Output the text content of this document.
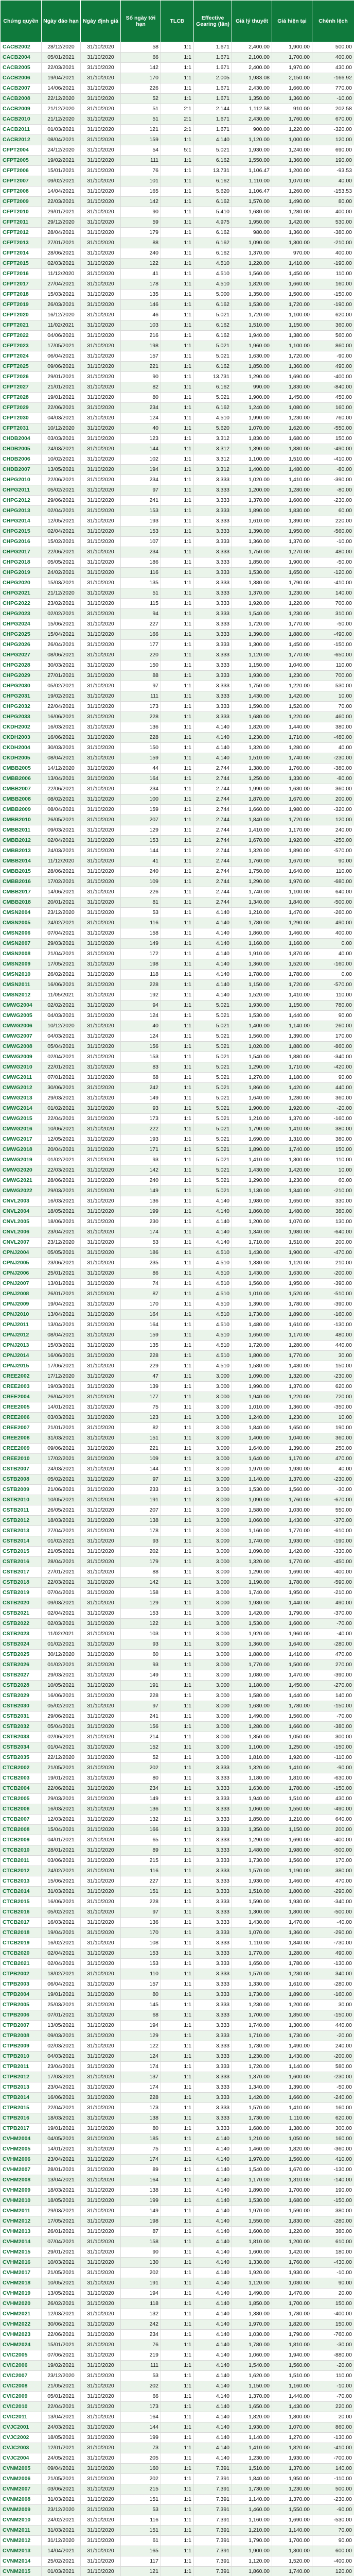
Chứng quyền	Ngày đáo hạn	Ngày định giá	Số ngày tới hạn	TLCĐ	Effective Gearing (lần)	Giá lý thuyết	Giá hiện tại	Chênh lệch
CACB2002	28/12/2020	31/10/2020	58	1:1	1.671	2,400.00	1,900.00	500.00
CACB2004	05/01/2021	31/10/2020	66	1:1	1.671	2,100.00	1,700.00	400.00
CACB2005	22/03/2021	31/10/2020	142	1:1	1.671	2,400.00	1,970.00	430.00
CACB2006	19/04/2021	31/10/2020	170	1:1	2.005	1,983.08	2,150.00	-166.92
CACB2007	14/06/2021	31/10/2020	226	1:1	1.671	2,430.00	1,660.00	770.00
CACB2008	22/12/2020	31/10/2020	52	1:1	1.671	1,350.00	1,360.00	-10.00
CACB2009	21/12/2020	31/10/2020	51	2:1	2.144	1,112.58	910.00	202.58
CACB2010	21/12/2020	31/10/2020	51	2:1	1.671	2,430.00	1,760.00	670.00
CACB2011	01/03/2021	31/10/2020	121	2:1	1.671	900.00	1,220.00	-320.00
CACB2012	08/04/2021	31/10/2020	159	1:1	4.140	1,120.00	1,000.00	120.00
CFPT2004	24/12/2020	31/10/2020	54	5:1	5.021	1,930.00	1,240.00	690.00
CFPT2005	19/02/2021	31/10/2020	111	1:1	6.162	1,550.00	1,360.00	190.00
CFPT2006	15/01/2021	31/10/2020	76	1:1	13.731	1,106.47	1,200.00	-93.53
CFPT2007	09/02/2021	31/10/2020	101	1:1	6.162	1,110.00	1,070.00	40.00
CFPT2008	14/04/2021	31/10/2020	165	1:1	5.620	1,106.47	1,260.00	-153.53
CFPT2009	22/03/2021	31/10/2020	142	1:1	6.162	1,570.00	1,490.00	80.00
CFPT2010	29/01/2021	31/10/2020	90	1:1	5.410	1,680.00	1,280.00	400.00
CFPT2011	29/12/2020	31/10/2020	59	1:1	4.975	1,950.00	1,420.00	530.00
CFPT2012	28/04/2021	31/10/2020	179	1:1	6.162	980.00	1,360.00	-380.00
CFPT2013	27/01/2021	31/10/2020	88	1:1	6.162	1,090.00	1,300.00	-210.00
CFPT2014	28/06/2021	31/10/2020	240	1:1	6.162	1,370.00	970.00	400.00
CFPT2015	02/03/2021	31/10/2020	122	1:1	4.510	1,220.00	1,410.00	-190.00
CFPT2016	11/12/2020	31/10/2020	41	1:1	4.510	1,560.00	1,450.00	110.00
CFPT2017	27/04/2021	31/10/2020	178	1:1	4.510	1,820.00	1,660.00	160.00
CFPT2018	15/03/2021	31/10/2020	135	1:1	5.000	1,350.00	1,500.00	-150.00
CFPT2019	26/03/2021	31/10/2020	146	1:1	6.162	1,530.00	1,720.00	-190.00
CFPT2020	16/12/2020	31/10/2020	46	1:1	5.021	1,720.00	1,100.00	620.00
CFPT2021	11/02/2021	31/10/2020	103	1:1	6.162	1,510.00	1,150.00	360.00
CFPT2022	04/06/2021	31/10/2020	216	1:1	6.162	1,940.00	1,380.00	560.00
CFPT2023	17/05/2021	31/10/2020	198	1:1	5.021	1,960.00	1,100.00	860.00
CFPT2024	06/04/2021	31/10/2020	157	1:1	5.021	1,630.00	1,720.00	-90.00
CFPT2025	09/06/2021	31/10/2020	221	1:1	6.162	1,850.00	1,360.00	490.00
CFPT2026	29/01/2021	31/10/2020	90	1:1	13.731	1,290.00	1,690.00	-400.00
CFPT2027	21/01/2021	31/10/2020	82	1:1	6.162	990.00	1,830.00	-840.00
CFPT2028	19/01/2021	31/10/2020	80	1:1	5.021	1,900.00	1,450.00	450.00
CFPT2029	22/06/2021	31/10/2020	234	1:1	6.162	1,240.00	1,080.00	160.00
CFPT2030	04/03/2021	31/10/2020	124	1:1	4.510	1,990.00	1,230.00	760.00
CFPT2031	10/12/2020	31/10/2020	40	1:1	5.620	1,070.00	1,620.00	-550.00
CHDB2004	03/03/2021	31/10/2020	123	1:1	3.312	1,830.00	1,680.00	150.00
CHDB2005	24/03/2021	31/10/2020	144	1:1	3.312	1,390.00	1,880.00	-490.00
CHDB2006	10/02/2021	31/10/2020	102	1:1	3.312	1,100.00	1,510.00	-410.00
CHDB2007	13/05/2021	31/10/2020	194	1:1	3.312	1,400.00	1,480.00	-80.00
CHPG2010	22/06/2021	31/10/2020	234	1:1	3.333	1,020.00	1,410.00	-390.00
CHPG2011	05/02/2021	31/10/2020	97	1:1	3.333	1,200.00	1,280.00	-80.00
CHPG2012	29/06/2021	31/10/2020	241	1:1	3.333	1,370.00	1,600.00	-230.00
CHPG2013	02/04/2021	31/10/2020	153	1:1	3.333	1,890.00	1,830.00	60.00
CHPG2014	12/05/2021	31/10/2020	193	1:1	3.333	1,610.00	1,390.00	220.00
CHPG2015	02/04/2021	31/10/2020	153	1:1	3.333	1,390.00	1,950.00	-560.00
CHPG2016	15/02/2021	31/10/2020	107	1:1	3.333	1,360.00	1,370.00	-10.00
CHPG2017	22/06/2021	31/10/2020	234	1:1	3.333	1,750.00	1,270.00	480.00
CHPG2018	05/05/2021	31/10/2020	186	1:1	3.333	1,850.00	1,900.00	-50.00
CHPG2019	24/02/2021	31/10/2020	116	1:1	3.333	1,530.00	1,650.00	-120.00
CHPG2020	15/03/2021	31/10/2020	135	1:1	3.333	1,380.00	1,790.00	-410.00
CHPG2021	21/12/2020	31/10/2020	51	1:1	3.333	1,370.00	1,230.00	140.00
CHPG2022	23/02/2021	31/10/2020	115	1:1	3.333	1,920.00	1,220.00	700.00
CHPG2023	02/02/2021	31/10/2020	94	1:1	3.333	1,540.00	1,230.00	310.00
CHPG2024	15/06/2021	31/10/2020	227	1:1	3.333	1,720.00	1,770.00	-50.00
CHPG2025	15/04/2021	31/10/2020	166	1:1	3.333	1,390.00	1,880.00	-490.00
CHPG2026	26/04/2021	31/10/2020	177	1:1	3.333	1,300.00	1,450.00	-150.00
CHPG2027	08/06/2021	31/10/2020	220	1:1	3.333	1,120.00	1,770.00	-650.00
CHPG2028	30/03/2021	31/10/2020	150	1:1	3.333	1,150.00	1,040.00	110.00
CHPG2029	27/01/2021	31/10/2020	88	1:1	3.333	1,930.00	1,230.00	700.00
CHPG2030	05/02/2021	31/10/2020	97	1:1	3.333	1,750.00	1,220.00	530.00
CHPG2031	19/02/2021	31/10/2020	111	1:1	3.333	1,430.00	1,420.00	10.00
CHPG2032	22/04/2021	31/10/2020	173	1:1	3.333	1,590.00	1,520.00	70.00
CHPG2033	16/06/2021	31/10/2020	228	1:1	3.333	1,680.00	1,220.00	460.00
CKDH2002	16/03/2021	31/10/2020	136	1:1	4.140	1,820.00	1,440.00	380.00
CKDH2003	16/06/2021	31/10/2020	228	1:1	4.140	1,230.00	1,710.00	-480.00
CKDH2004	30/03/2021	31/10/2020	150	1:1	4.140	1,320.00	1,280.00	40.00
CKDH2005	08/04/2021	31/10/2020	159	1:1	4.140	1,510.00	1,740.00	-230.00
CMBB2005	14/12/2020	31/10/2020	44	1:1	2.744	1,380.00	1,760.00	-380.00
CMBB2006	13/04/2021	31/10/2020	164	1:1	2.744	1,250.00	1,330.00	-80.00
CMBB2007	22/06/2021	31/10/2020	234	1:1	2.744	1,990.00	1,630.00	360.00
CMBB2008	08/02/2021	31/10/2020	100	1:1	2.744	1,870.00	1,670.00	200.00
CMBB2009	08/04/2021	31/10/2020	159	1:1	2.744	1,660.00	1,980.00	-320.00
CMBB2010	26/05/2021	31/10/2020	207	1:1	2.744	1,840.00	1,720.00	120.00
CMBB2011	09/03/2021	31/10/2020	129	1:1	2.744	1,410.00	1,170.00	240.00
CMBB2012	02/04/2021	31/10/2020	153	1:1	2.744	1,670.00	1,920.00	-250.00
CMBB2013	24/03/2021	31/10/2020	144	1:1	2.744	1,320.00	1,890.00	-570.00
CMBB2014	11/12/2020	31/10/2020	41	1:1	2.744	1,760.00	1,670.00	90.00
CMBB2015	28/06/2021	31/10/2020	240	1:1	2.744	1,750.00	1,640.00	110.00
CMBB2016	17/02/2021	31/10/2020	109	1:1	2.744	1,290.00	1,970.00	-680.00
CMBB2017	14/06/2021	31/10/2020	226	1:1	2.744	1,740.00	1,100.00	640.00
CMBB2018	20/01/2021	31/10/2020	81	1:1	2.744	1,340.00	1,840.00	-500.00
CMSN2004	23/12/2020	31/10/2020	53	1:1	4.140	1,210.00	1,470.00	-260.00
CMSN2005	24/02/2021	31/10/2020	116	1:1	4.140	1,780.00	1,290.00	490.00
CMSN2006	07/04/2021	31/10/2020	158	1:1	4.140	1,860.00	1,460.00	400.00
CMSN2007	29/03/2021	31/10/2020	149	1:1	4.140	1,160.00	1,160.00	0.00
CMSN2008	21/04/2021	31/10/2020	172	1:1	4.140	1,910.00	1,870.00	40.00
CMSN2009	17/05/2021	31/10/2020	198	1:1	4.140	1,360.00	1,520.00	-160.00
CMSN2010	26/02/2021	31/10/2020	118	1:1	4.140	1,780.00	1,780.00	0.00
CMSN2011	16/06/2021	31/10/2020	228	1:1	4.140	1,150.00	1,720.00	-570.00
CMSN2012	11/05/2021	31/10/2020	192	1:1	4.140	1,520.00	1,410.00	110.00
CMWG2004	02/02/2021	31/10/2020	94	1:1	5.021	1,930.00	1,150.00	780.00
CMWG2005	04/03/2021	31/10/2020	124	1:1	5.021	1,530.00	1,440.00	90.00
CMWG2006	10/12/2020	31/10/2020	40	1:1	5.021	1,400.00	1,140.00	260.00
CMWG2007	04/03/2021	31/10/2020	124	1:1	5.021	1,560.00	1,390.00	170.00
CMWG2008	05/04/2021	31/10/2020	156	1:1	5.021	1,020.00	1,880.00	-860.00
CMWG2009	02/04/2021	31/10/2020	153	1:1	5.021	1,540.00	1,880.00	-340.00
CMWG2010	22/01/2021	31/10/2020	83	1:1	5.021	1,290.00	1,710.00	-420.00
CMWG2011	07/01/2021	31/10/2020	68	1:1	5.021	1,270.00	1,180.00	90.00
CMWG2012	30/06/2021	31/10/2020	242	1:1	5.021	1,860.00	1,420.00	440.00
CMWG2013	29/03/2021	31/10/2020	149	1:1	5.021	1,640.00	1,280.00	360.00
CMWG2014	01/02/2021	31/10/2020	93	1:1	5.021	1,900.00	1,920.00	-20.00
CMWG2015	22/04/2021	31/10/2020	173	1:1	5.021	1,210.00	1,370.00	-160.00
CMWG2016	10/06/2021	31/10/2020	222	1:1	5.021	1,790.00	1,410.00	380.00
CMWG2017	12/05/2021	31/10/2020	193	1:1	5.021	1,690.00	1,310.00	380.00
CMWG2018	20/04/2021	31/10/2020	171	1:1	5.021	1,890.00	1,740.00	150.00
CMWG2019	01/02/2021	31/10/2020	93	1:1	5.021	1,410.00	1,300.00	110.00
CMWG2020	22/03/2021	31/10/2020	142	1:1	5.021	1,430.00	1,420.00	10.00
CMWG2021	28/06/2021	31/10/2020	240	1:1	5.021	1,290.00	1,230.00	60.00
CMWG2022	29/03/2021	31/10/2020	149	1:1	5.021	1,130.00	1,340.00	-210.00
CNVL2003	16/03/2021	31/10/2020	136	1:1	4.140	1,980.00	1,650.00	330.00
CNVL2004	18/05/2021	31/10/2020	199	1:1	4.140	1,860.00	1,480.00	380.00
CNVL2005	18/06/2021	31/10/2020	230	1:1	4.140	1,200.00	1,070.00	130.00
CNVL2006	23/04/2021	31/10/2020	174	1:1	4.140	1,340.00	1,980.00	-640.00
CNVL2007	23/12/2020	31/10/2020	53	1:1	4.140	1,710.00	1,510.00	200.00
CPNJ2004	05/05/2021	31/10/2020	186	1:1	4.510	1,430.00	1,900.00	-470.00
CPNJ2005	23/06/2021	31/10/2020	235	1:1	4.510	1,330.00	1,120.00	210.00
CPNJ2006	25/01/2021	31/10/2020	86	1:1	4.510	1,430.00	1,630.00	-200.00
CPNJ2007	13/01/2021	31/10/2020	74	1:1	4.510	1,560.00	1,950.00	-390.00
CPNJ2008	26/01/2021	31/10/2020	87	1:1	4.510	1,010.00	1,520.00	-510.00
CPNJ2009	19/04/2021	31/10/2020	170	1:1	4.510	1,390.00	1,780.00	-390.00
CPNJ2010	13/04/2021	31/10/2020	164	1:1	4.510	1,730.00	1,890.00	-160.00
CPNJ2011	13/04/2021	31/10/2020	164	1:1	4.510	1,480.00	1,610.00	-130.00
CPNJ2012	08/04/2021	31/10/2020	159	1:1	4.510	1,650.00	1,170.00	480.00
CPNJ2013	15/03/2021	31/10/2020	135	1:1	4.510	1,720.00	1,280.00	440.00
CPNJ2014	16/06/2021	31/10/2020	228	1:1	4.510	1,800.00	1,770.00	30.00
CPNJ2015	17/06/2021	31/10/2020	229	1:1	4.510	1,580.00	1,430.00	150.00
CREE2002	17/12/2020	31/10/2020	47	1:1	3.000	1,090.00	1,320.00	-230.00
CREE2003	19/03/2021	31/10/2020	139	1:1	3.000	1,990.00	1,370.00	620.00
CREE2004	26/04/2021	31/10/2020	177	1:1	3.000	1,940.00	1,220.00	720.00
CREE2005	14/01/2021	31/10/2020	75	1:1	3.000	1,010.00	1,360.00	-350.00
CREE2006	03/03/2021	31/10/2020	123	1:1	3.000	1,240.00	1,230.00	10.00
CREE2007	21/01/2021	31/10/2020	82	1:1	3.000	1,840.00	1,650.00	190.00
CREE2008	31/03/2021	31/10/2020	151	1:1	3.000	1,400.00	1,040.00	360.00
CREE2009	09/06/2021	31/10/2020	221	1:1	3.000	1,640.00	1,390.00	250.00
CREE2010	17/02/2021	31/10/2020	109	1:1	3.000	1,640.00	1,170.00	470.00
CSTB2007	24/03/2021	31/10/2020	144	1:1	3.000	1,970.00	1,930.00	40.00
CSTB2008	05/02/2021	31/10/2020	97	1:1	3.000	1,140.00	1,370.00	-230.00
CSTB2009	21/06/2021	31/10/2020	233	1:1	3.000	1,530.00	1,560.00	-30.00
CSTB2010	10/05/2021	31/10/2020	191	1:1	3.000	1,090.00	1,760.00	-670.00
CSTB2011	26/05/2021	31/10/2020	207	1:1	3.000	1,580.00	1,030.00	550.00
CSTB2012	18/03/2021	31/10/2020	138	1:1	3.000	1,060.00	1,430.00	-370.00
CSTB2013	27/04/2021	31/10/2020	178	1:1	3.000	1,160.00	1,770.00	-610.00
CSTB2014	01/02/2021	31/10/2020	93	1:1	3.000	1,740.00	1,930.00	-190.00
CSTB2015	21/05/2021	31/10/2020	202	1:1	3.000	1,090.00	1,420.00	-330.00
CSTB2016	28/04/2021	31/10/2020	179	1:1	3.000	1,320.00	1,770.00	-450.00
CSTB2017	27/01/2021	31/10/2020	88	1:1	3.000	1,290.00	1,690.00	-400.00
CSTB2018	22/03/2021	31/10/2020	142	1:1	3.000	1,190.00	1,780.00	-590.00
CSTB2019	07/04/2021	31/10/2020	158	1:1	3.000	1,740.00	1,950.00	-210.00
CSTB2020	09/03/2021	31/10/2020	129	1:1	3.000	1,930.00	1,440.00	490.00
CSTB2021	02/04/2021	31/10/2020	153	1:1	3.000	1,420.00	1,790.00	-370.00
CSTB2022	02/03/2021	31/10/2020	122	1:1	3.000	1,530.00	1,600.00	-70.00
CSTB2023	11/02/2021	31/10/2020	103	1:1	3.000	1,920.00	1,960.00	-40.00
CSTB2024	01/02/2021	31/10/2020	93	1:1	3.000	1,360.00	1,640.00	-280.00
CSTB2025	30/12/2020	31/10/2020	60	1:1	3.000	1,880.00	1,410.00	470.00
CSTB2026	01/02/2021	31/10/2020	93	1:1	3.000	1,770.00	1,500.00	270.00
CSTB2027	29/03/2021	31/10/2020	149	1:1	3.000	1,080.00	1,470.00	-390.00
CSTB2028	10/05/2021	31/10/2020	191	1:1	3.000	1,180.00	1,450.00	-270.00
CSTB2029	16/06/2021	31/10/2020	228	1:1	3.000	1,580.00	1,440.00	140.00
CSTB2030	05/02/2021	31/10/2020	97	1:1	3.000	1,630.00	1,780.00	-150.00
CSTB2031	29/06/2021	31/10/2020	241	1:1	3.000	1,490.00	1,560.00	-70.00
CSTB2032	05/04/2021	31/10/2020	156	1:1	3.000	1,280.00	1,660.00	-380.00
CSTB2033	02/06/2021	31/10/2020	214	1:1	3.000	1,350.00	1,050.00	300.00
CSTB2034	01/04/2021	31/10/2020	152	1:1	3.000	1,100.00	1,250.00	-150.00
CSTB2035	22/12/2020	31/10/2020	52	1:1	3.000	1,810.00	1,920.00	-110.00
CTCB2002	21/05/2021	31/10/2020	202	1:1	3.333	1,320.00	1,410.00	-90.00
CTCB2003	19/01/2021	31/10/2020	80	1:1	3.333	1,180.00	1,810.00	-630.00
CTCB2004	22/06/2021	31/10/2020	234	1:1	3.333	1,630.00	1,780.00	-150.00
CTCB2005	29/03/2021	31/10/2020	149	1:1	3.333	1,940.00	1,510.00	430.00
CTCB2006	16/03/2021	31/10/2020	136	1:1	3.333	1,060.00	1,550.00	-490.00
CTCB2007	12/03/2021	31/10/2020	132	1:1	3.333	1,850.00	1,210.00	640.00
CTCB2008	15/04/2021	31/10/2020	166	1:1	3.333	1,350.00	1,150.00	200.00
CTCB2009	04/01/2021	31/10/2020	65	1:1	3.333	1,290.00	1,690.00	-400.00
CTCB2010	28/01/2021	31/10/2020	89	1:1	3.333	1,480.00	1,980.00	-500.00
CTCB2011	03/06/2021	31/10/2020	215	1:1	3.333	1,730.00	1,560.00	170.00
CTCB2012	24/02/2021	31/10/2020	116	1:1	3.333	1,570.00	1,190.00	380.00
CTCB2013	15/06/2021	31/10/2020	227	1:1	3.333	1,930.00	1,460.00	470.00
CTCB2014	31/03/2021	31/10/2020	151	1:1	3.333	1,510.00	1,800.00	-290.00
CTCB2015	16/06/2021	31/10/2020	228	1:1	3.333	1,590.00	1,930.00	-340.00
CTCB2016	05/02/2021	31/10/2020	97	1:1	3.333	1,300.00	1,800.00	-500.00
CTCB2017	16/03/2021	31/10/2020	136	1:1	3.333	1,430.00	1,470.00	-40.00
CTCB2018	19/04/2021	31/10/2020	170	1:1	3.333	1,070.00	1,360.00	-290.00
CTCB2019	16/02/2021	31/10/2020	108	1:1	3.333	1,110.00	1,840.00	-730.00
CTCB2020	02/04/2021	31/10/2020	153	1:1	3.333	1,770.00	1,280.00	490.00
CTCB2021	02/04/2021	31/10/2020	153	1:1	3.333	1,650.00	1,780.00	-130.00
CTPB2002	18/02/2021	31/10/2020	110	1:1	3.333	1,570.00	1,230.00	340.00
CTPB2003	06/04/2021	31/10/2020	157	1:1	3.333	1,330.00	1,610.00	-280.00
CTPB2004	19/01/2021	31/10/2020	80	1:1	3.333	1,730.00	1,890.00	-160.00
CTPB2005	25/03/2021	31/10/2020	145	1:1	3.333	1,230.00	1,200.00	30.00
CTPB2006	07/01/2021	31/10/2020	68	1:1	3.333	1,700.00	1,850.00	-150.00
CTPB2007	13/05/2021	31/10/2020	194	1:1	3.333	1,740.00	1,300.00	440.00
CTPB2008	09/03/2021	31/10/2020	129	1:1	3.333	1,710.00	1,730.00	-20.00
CTPB2009	02/03/2021	31/10/2020	122	1:1	3.333	1,730.00	1,490.00	240.00
CTPB2010	04/03/2021	31/10/2020	124	1:1	3.333	1,230.00	1,430.00	-200.00
CTPB2011	23/04/2021	31/10/2020	174	1:1	3.333	1,720.00	1,140.00	580.00
CTPB2012	17/03/2021	31/10/2020	137	1:1	3.333	1,370.00	1,600.00	-230.00
CTPB2013	23/04/2021	31/10/2020	174	1:1	3.333	1,340.00	1,390.00	-50.00
CTPB2014	16/06/2021	31/10/2020	228	1:1	3.333	1,420.00	1,660.00	-240.00
CTPB2015	22/04/2021	31/10/2020	173	1:1	3.333	1,570.00	1,410.00	160.00
CTPB2016	18/03/2021	31/10/2020	138	1:1	3.333	1,730.00	1,110.00	620.00
CTPB2017	19/01/2021	31/10/2020	80	1:1	3.333	1,680.00	1,380.00	300.00
CVHM2004	04/05/2021	31/10/2020	185	1:1	4.140	1,210.00	1,050.00	160.00
CVHM2005	14/01/2021	31/10/2020	75	1:1	4.140	1,460.00	1,820.00	-360.00
CVHM2006	23/04/2021	31/10/2020	174	1:1	4.140	1,970.00	1,560.00	410.00
CVHM2007	28/01/2021	31/10/2020	89	1:1	4.140	1,540.00	1,670.00	-130.00
CVHM2008	13/04/2021	31/10/2020	164	1:1	4.140	1,170.00	1,310.00	-140.00
CVHM2009	18/03/2021	31/10/2020	138	1:1	4.140	1,890.00	1,700.00	190.00
CVHM2010	18/05/2021	31/10/2020	199	1:1	4.140	1,530.00	1,680.00	-150.00
CVHM2011	29/03/2021	31/10/2020	149	1:1	4.140	1,970.00	1,590.00	380.00
CVHM2012	17/05/2021	31/10/2020	198	1:1	4.140	1,550.00	1,830.00	-280.00
CVHM2013	26/01/2021	31/10/2020	87	1:1	4.140	1,600.00	1,220.00	380.00
CVHM2014	07/04/2021	31/10/2020	158	1:1	4.140	1,810.00	1,200.00	610.00
CVHM2015	29/01/2021	31/10/2020	90	1:1	4.140	1,600.00	1,420.00	180.00
CVHM2016	10/03/2021	31/10/2020	130	1:1	4.140	1,330.00	1,760.00	-430.00
CVHM2017	21/05/2021	31/10/2020	202	1:1	4.140	1,920.00	1,930.00	-10.00
CVHM2018	10/05/2021	31/10/2020	191	1:1	4.140	1,120.00	1,030.00	90.00
CVHM2019	13/05/2021	31/10/2020	194	1:1	4.140	1,490.00	1,470.00	20.00
CVHM2020	26/02/2021	31/10/2020	118	1:1	4.140	1,850.00	1,700.00	150.00
CVHM2021	12/03/2021	31/10/2020	132	1:1	4.140	1,380.00	1,780.00	-400.00
CVHM2022	30/06/2021	31/10/2020	242	1:1	4.140	1,970.00	1,820.00	150.00
CVHM2023	22/06/2021	31/10/2020	234	1:1	4.140	1,030.00	1,790.00	-760.00
CVHM2024	15/01/2021	31/10/2020	76	1:1	4.140	1,780.00	1,810.00	-30.00
CVIC2005	07/06/2021	31/10/2020	219	1:1	4.140	1,060.00	1,940.00	-880.00
CVIC2006	19/02/2021	31/10/2020	111	1:1	4.140	1,540.00	1,560.00	-20.00
CVIC2007	23/12/2020	31/10/2020	53	1:1	4.140	1,620.00	1,510.00	110.00
CVIC2008	21/05/2021	31/10/2020	202	1:1	4.140	1,150.00	1,160.00	-10.00
CVIC2009	05/01/2021	31/10/2020	66	1:1	4.140	1,370.00	1,440.00	-70.00
CVIC2010	22/04/2021	31/10/2020	173	1:1	4.140	1,650.00	1,430.00	220.00
CVIC2011	13/04/2021	31/10/2020	164	1:1	4.140	1,820.00	1,800.00	20.00
CVJC2001	24/03/2021	31/10/2020	144	1:1	4.140	1,930.00	1,070.00	860.00
CVJC2002	18/05/2021	31/10/2020	199	1:1	4.140	1,140.00	1,270.00	-130.00
CVJC2003	12/01/2021	31/10/2020	73	1:1	4.140	1,410.00	1,820.00	-410.00
CVJC2004	24/05/2021	31/10/2020	205	1:1	4.140	1,230.00	1,930.00	-700.00
CVNM2005	09/04/2021	31/10/2020	160	1:1	7.391	1,510.00	1,370.00	140.00
CVNM2006	21/05/2021	31/10/2020	202	1:1	7.391	1,840.00	1,950.00	-110.00
CVNM2007	03/06/2021	31/10/2020	215	1:1	7.391	1,730.00	1,230.00	500.00
CVNM2008	31/03/2021	31/10/2020	151	1:1	7.391	1,140.00	1,370.00	-230.00
CVNM2009	23/12/2020	31/10/2020	53	1:1	7.391	1,460.00	1,550.00	-90.00
CVNM2010	24/02/2021	31/10/2020	116	1:1	7.391	1,160.00	1,690.00	-530.00
CVNM2011	31/03/2021	31/10/2020	151	1:1	7.391	1,210.00	1,140.00	70.00
CVNM2012	31/12/2020	31/10/2020	61	1:1	7.391	1,790.00	1,700.00	90.00
CVNM2013	14/04/2021	31/10/2020	165	1:1	7.391	1,900.00	1,300.00	600.00
CVNM2014	25/02/2021	31/10/2020	117	1:1	7.391	1,120.00	1,520.00	-400.00
CVNM2015	01/03/2021	31/10/2020	121	1:1	7.391	1,860.00	1,740.00	120.00
